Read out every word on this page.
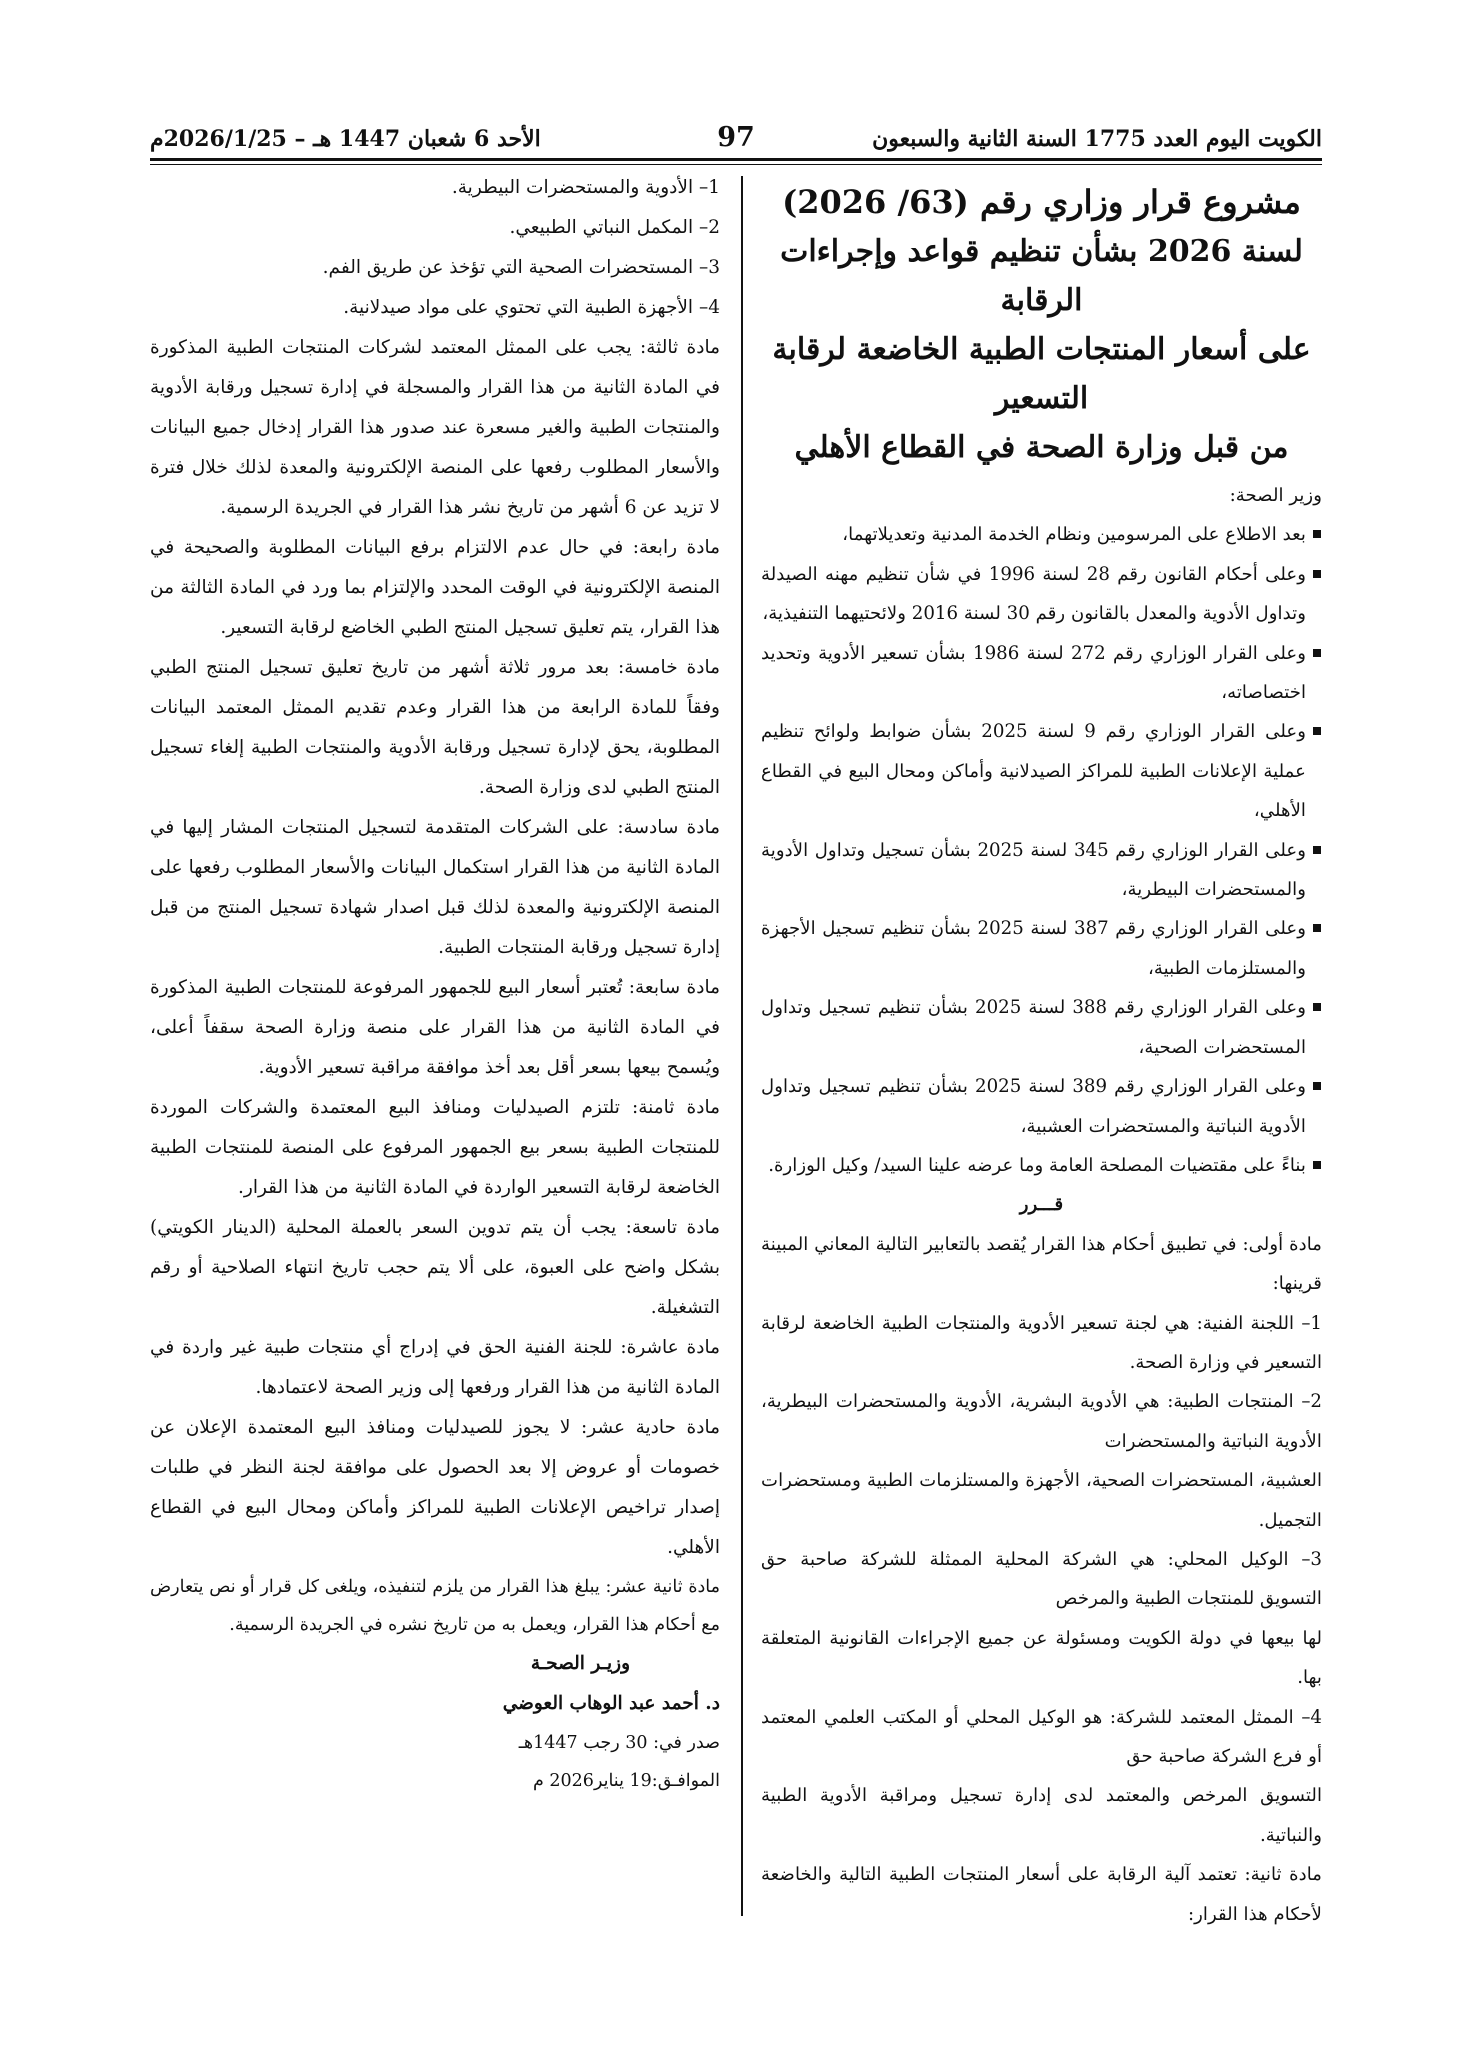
الكويت اليوم العدد 1775 السنة الثانية والسبعون
97
الأحد 6 شعبان 1447 هـ – 2026/1/25م
مشروع قرار وزاري رقم (63/ 2026)
لسنة 2026 بشأن تنظيم قواعد وإجراءات الرقابة
على أسعار المنتجات الطبية الخاضعة لرقابة التسعير
من قبل وزارة الصحة في القطاع الأهلي

وزير الصحة:

بعد الاطلاع على المرسومين ونظام الخدمة المدنية وتعديلاتهما،

وعلى أحكام القانون رقم 28 لسنة 1996 في شأن تنظيم مهنه الصيدلة وتداول الأدوية والمعدل بالقانون رقم 30 لسنة 2016 ولائحتيهما التنفيذية،

وعلى القرار الوزاري رقم 272 لسنة 1986 بشأن تسعير الأدوية وتحديد اختصاصاته،

وعلى القرار الوزاري رقم 9 لسنة 2025 بشأن ضوابط ولوائح تنظيم عملية الإعلانات الطبية للمراكز الصيدلانية وأماكن ومحال البيع في القطاع الأهلي،

وعلى القرار الوزاري رقم 345 لسنة 2025 بشأن تسجيل وتداول الأدوية والمستحضرات البيطرية،

وعلى القرار الوزاري رقم 387 لسنة 2025 بشأن تنظيم تسجيل الأجهزة والمستلزمات الطبية،

وعلى القرار الوزاري رقم 388 لسنة 2025 بشأن تنظيم تسجيل وتداول المستحضرات الصحية،

وعلى القرار الوزاري رقم 389 لسنة 2025 بشأن تنظيم تسجيل وتداول الأدوية النباتية والمستحضرات العشبية،

بناءً على مقتضيات المصلحة العامة وما عرضه علينا السيد/ وكيل الوزارة.

قـــرر

مادة أولى: في تطبيق أحكام هذا القرار يُقصد بالتعابير التالية المعاني المبينة قرينها:

1– اللجنة الفنية: هي لجنة تسعير الأدوية والمنتجات الطبية الخاضعة لرقابة التسعير في وزارة الصحة.

2– المنتجات الطبية: هي الأدوية البشرية، الأدوية والمستحضرات البيطرية، الأدوية النباتية والمستحضرات

العشبية، المستحضرات الصحية، الأجهزة والمستلزمات الطبية ومستحضرات التجميل.

3– الوكيل المحلي: هي الشركة المحلية الممثلة للشركة صاحبة حق التسويق للمنتجات الطبية والمرخص

لها بيعها في دولة الكويت ومسئولة عن جميع الإجراءات القانونية المتعلقة بها.

4– الممثل المعتمد للشركة: هو الوكيل المحلي أو المكتب العلمي المعتمد أو فرع الشركة صاحبة حق

التسويق المرخص والمعتمد لدى إدارة تسجيل ومراقبة الأدوية الطبية والنباتية.

مادة ثانية: تعتمد آلية الرقابة على أسعار المنتجات الطبية التالية والخاضعة لأحكام هذا القرار:

1– الأدوية والمستحضرات البيطرية.

2– المكمل النباتي الطبيعي.

3– المستحضرات الصحية التي تؤخذ عن طريق الفم.

4– الأجهزة الطبية التي تحتوي على مواد صيدلانية.

مادة ثالثة: يجب على الممثل المعتمد لشركات المنتجات الطبية المذكورة في المادة الثانية من هذا القرار والمسجلة في إدارة تسجيل ورقابة الأدوية والمنتجات الطبية والغير مسعرة عند صدور هذا القرار إدخال جميع البيانات والأسعار المطلوب رفعها على المنصة الإلكترونية والمعدة لذلك خلال فترة لا تزيد عن 6 أشهر من تاريخ نشر هذا القرار في الجريدة الرسمية.

مادة رابعة: في حال عدم الالتزام برفع البيانات المطلوبة والصحيحة في المنصة الإلكترونية في الوقت المحدد والإلتزام بما ورد في المادة الثالثة من هذا القرار، يتم تعليق تسجيل المنتج الطبي الخاضع لرقابة التسعير.

مادة خامسة: بعد مرور ثلاثة أشهر من تاريخ تعليق تسجيل المنتج الطبي وفقاً للمادة الرابعة من هذا القرار وعدم تقديم الممثل المعتمد البيانات المطلوبة، يحق لإدارة تسجيل ورقابة الأدوية والمنتجات الطبية إلغاء تسجيل المنتج الطبي لدى وزارة الصحة.

مادة سادسة: على الشركات المتقدمة لتسجيل المنتجات المشار إليها في المادة الثانية من هذا القرار استكمال البيانات والأسعار المطلوب رفعها على المنصة الإلكترونية والمعدة لذلك قبل اصدار شهادة تسجيل المنتج من قبل إدارة تسجيل ورقابة المنتجات الطبية.

مادة سابعة: تُعتبر أسعار البيع للجمهور المرفوعة للمنتجات الطبية المذكورة في المادة الثانية من هذا القرار على منصة وزارة الصحة سقفاً أعلى، ويُسمح بيعها بسعر أقل بعد أخذ موافقة مراقبة تسعير الأدوية.

مادة ثامنة: تلتزم الصيدليات ومنافذ البيع المعتمدة والشركات الموردة للمنتجات الطبية بسعر بيع الجمهور المرفوع على المنصة للمنتجات الطبية الخاضعة لرقابة التسعير الواردة في المادة الثانية من هذا القرار.

مادة تاسعة: يجب أن يتم تدوين السعر بالعملة المحلية (الدينار الكويتي) بشكل واضح على العبوة، على ألا يتم حجب تاريخ انتهاء الصلاحية أو رقم التشغيلة.

مادة عاشرة: للجنة الفنية الحق في إدراج أي منتجات طبية غير واردة في المادة الثانية من هذا القرار ورفعها إلى وزير الصحة لاعتمادها.

مادة حادية عشر: لا يجوز للصيدليات ومنافذ البيع المعتمدة الإعلان عن خصومات أو عروض إلا بعد الحصول على موافقة لجنة النظر في طلبات إصدار تراخيص الإعلانات الطبية للمراكز وأماكن ومحال البيع في القطاع الأهلي.

مادة ثانية عشر: يبلغ هذا القرار من يلزم لتنفيذه، ويلغى كل قرار أو نص يتعارض مع أحكام هذا القرار، ويعمل به من تاريخ نشره في الجريدة الرسمية.

وزيـر الصحـة

د. أحمد عبد الوهاب العوضي

صدر في: 30 رجب 1447هـ

الموافـق:19 يناير2026 م
